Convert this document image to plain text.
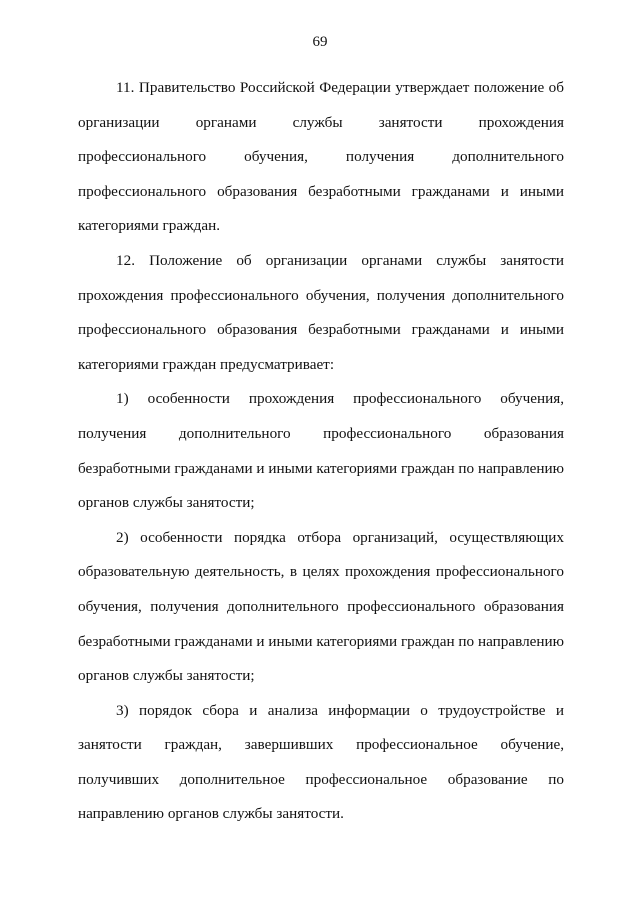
69

11. Правительство Российской Федерации утверждает положение об организации органами службы занятости прохождения профессионального обучения, получения дополнительного профессионального образования безработными гражданами и иными категориями граждан.

12. Положение об организации органами службы занятости прохождения профессионального обучения, получения дополнительного профессионального образования безработными гражданами и иными категориями граждан предусматривает:

1) особенности прохождения профессионального обучения, получения дополнительного профессионального образования безработными гражданами и иными категориями граждан по направлению органов службы занятости;

2) особенности порядка отбора организаций, осуществляющих образовательную деятельность, в целях прохождения профессионального обучения, получения дополнительного профессионального образования безработными гражданами и иными категориями граждан по направлению органов службы занятости;

3) порядок сбора и анализа информации о трудоустройстве и занятости граждан, завершивших профессиональное обучение, получивших дополнительное профессиональное образование по направлению органов службы занятости.
